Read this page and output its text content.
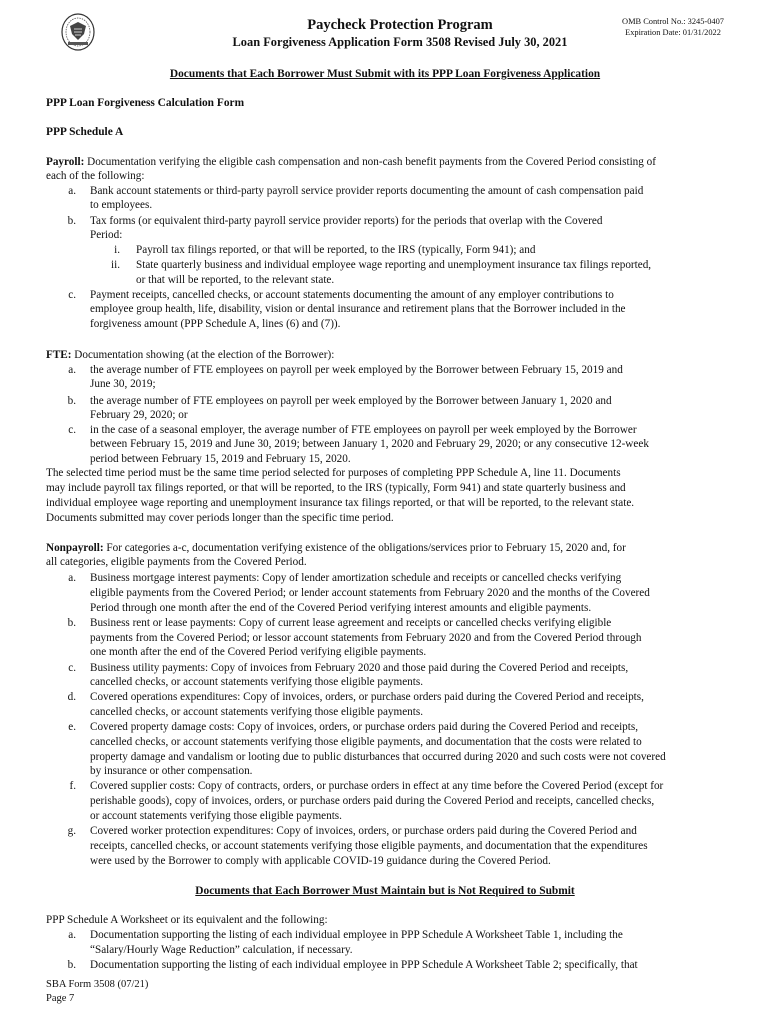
Paycheck Protection Program
Loan Forgiveness Application Form 3508 Revised July 30, 2021
OMB Control No.: 3245-0407
Expiration Date: 01/31/2022
Documents that Each Borrower Must Submit with its PPP Loan Forgiveness Application
PPP Loan Forgiveness Calculation Form
PPP Schedule A
Payroll: Documentation verifying the eligible cash compensation and non-cash benefit payments from the Covered Period consisting of
each of the following:
a. Bank account statements or third-party payroll service provider reports documenting the amount of cash compensation paid
to employees.
b. Tax forms (or equivalent third-party payroll service provider reports) for the periods that overlap with the Covered
Period:
i. Payroll tax filings reported, or that will be reported, to the IRS (typically, Form 941); and
ii. State quarterly business and individual employee wage reporting and unemployment insurance tax filings reported,
or that will be reported, to the relevant state.
c. Payment receipts, cancelled checks, or account statements documenting the amount of any employer contributions to
employee group health, life, disability, vision or dental insurance and retirement plans that the Borrower included in the
forgiveness amount (PPP Schedule A, lines (6) and (7)).
FTE: Documentation showing (at the election of the Borrower):
a. the average number of FTE employees on payroll per week employed by the Borrower between February 15, 2019 and
June 30, 2019;
b. the average number of FTE employees on payroll per week employed by the Borrower between January 1, 2020 and
February 29, 2020; or
c. in the case of a seasonal employer, the average number of FTE employees on payroll per week employed by the Borrower
between February 15, 2019 and June 30, 2019; between January 1, 2020 and February 29, 2020; or any consecutive 12-week
period between February 15, 2019 and February 15, 2020.
The selected time period must be the same time period selected for purposes of completing PPP Schedule A, line 11. Documents
may include payroll tax filings reported, or that will be reported, to the IRS (typically, Form 941) and state quarterly business and
individual employee wage reporting and unemployment insurance tax filings reported, or that will be reported, to the relevant state.
Documents submitted may cover periods longer than the specific time period.
Nonpayroll: For categories a-c, documentation verifying existence of the obligations/services prior to February 15, 2020 and, for
all categories, eligible payments from the Covered Period.
a. Business mortgage interest payments: Copy of lender amortization schedule and receipts or cancelled checks verifying
eligible payments from the Covered Period; or lender account statements from February 2020 and the months of the Covered
Period through one month after the end of the Covered Period verifying interest amounts and eligible payments.
b. Business rent or lease payments: Copy of current lease agreement and receipts or cancelled checks verifying eligible
payments from the Covered Period; or lessor account statements from February 2020 and from the Covered Period through
one month after the end of the Covered Period verifying eligible payments.
c. Business utility payments: Copy of invoices from February 2020 and those paid during the Covered Period and receipts,
cancelled checks, or account statements verifying those eligible payments.
d. Covered operations expenditures: Copy of invoices, orders, or purchase orders paid during the Covered Period and receipts,
cancelled checks, or account statements verifying those eligible payments.
e. Covered property damage costs: Copy of invoices, orders, or purchase orders paid during the Covered Period and receipts,
cancelled checks, or account statements verifying those eligible payments, and documentation that the costs were related to
property damage and vandalism or looting due to public disturbances that occurred during 2020 and such costs were not covered
by insurance or other compensation.
f. Covered supplier costs: Copy of contracts, orders, or purchase orders in effect at any time before the Covered Period (except for
perishable goods), copy of invoices, orders, or purchase orders paid during the Covered Period and receipts, cancelled checks,
or account statements verifying those eligible payments.
g. Covered worker protection expenditures: Copy of invoices, orders, or purchase orders paid during the Covered Period and
receipts, cancelled checks, or account statements verifying those eligible payments, and documentation that the expenditures
were used by the Borrower to comply with applicable COVID-19 guidance during the Covered Period.
Documents that Each Borrower Must Maintain but is Not Required to Submit
PPP Schedule A Worksheet or its equivalent and the following:
a. Documentation supporting the listing of each individual employee in PPP Schedule A Worksheet Table 1, including the
“Salary/Hourly Wage Reduction” calculation, if necessary.
b. Documentation supporting the listing of each individual employee in PPP Schedule A Worksheet Table 2; specifically, that
SBA Form 3508 (07/21)
Page 7
